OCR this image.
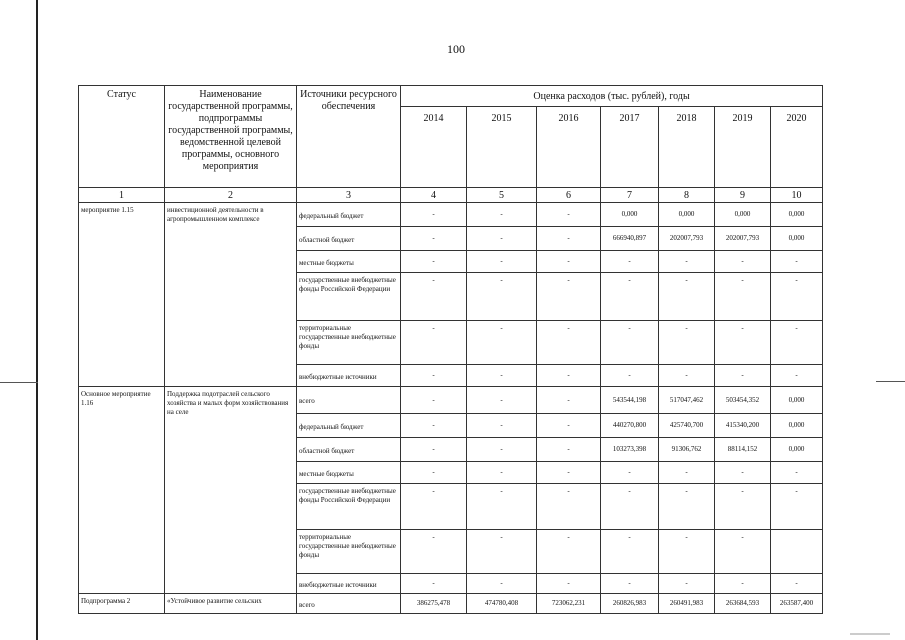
100
Статус	Наименование государственной программы, подпрограммы государственной программы, ведомственной целевой программы, основного мероприятия	Источники ресурсного обеспечения	Оценка расходов (тыс. рублей), годы						
			2014	2015	2016	2017	2018	2019	2020
1	2	3	4	5	6	7	8	9	10
мероприятие 1.15	инвестиционной деятельности в агропромышленном комплексе	федеральный бюджет	-	-	-	0,000	0,000	0,000	0,000
		областной бюджет	-	-	-	666940,897	202007,793	202007,793	0,000
		местные бюджеты	-	-	-	-	-	-	-
		государственные внебюджетные фонды Российской Федерации	-	-	-	-	-	-	-
		территориальные государственные внебюджетные фонды	-	-	-	-	-	-	-
		внебюджетные источники	-	-	-	-	-	-	-
Основное мероприятие 1.16	Поддержка подотраслей сельского хозяйства и малых форм хозяйствования на селе	всего	-	-	-	543544,198	517047,462	503454,352	0,000
		федеральный бюджет	-	-	-	440270,800	425740,700	415340,200	0,000
		областной бюджет	-	-	-	103273,398	91306,762	88114,152	0,000
		местные бюджеты	-	-	-	-	-	-	-
		государственные внебюджетные фонды Российской Федерации	-	-	-	-	-	-	-
		территориальные государственные внебюджетные фонды	-	-	-	-	-	-	
		внебюджетные источники	-	-	-	-	-	-	-
Подпрограмма 2	«Устойчивое развитие сельских	всего	386275,478	474780,408	723062,231	260826,983	260491,983	263684,593	263587,400
